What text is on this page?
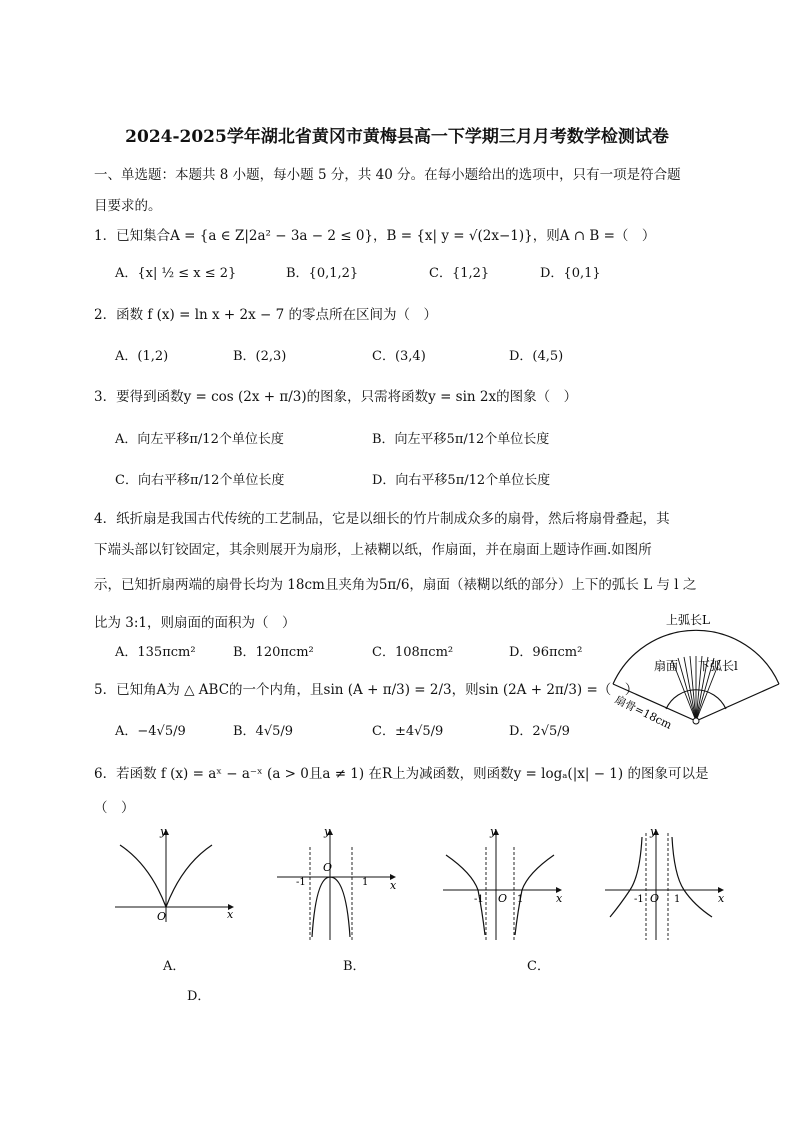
2024-2025学年湖北省黄冈市黄梅县高一下学期三月月考数学检测试卷
一、单选题：本题共 8 小题，每小题 5 分，共 40 分。在每小题给出的选项中，只有一项是符合题
目要求的。
1．已知集合A = {a ∈ Z|2a² − 3a − 2 ≤ 0}，B = {x| y = √(2x−1)}，则A ∩ B =（　）
A．{x| ½ ≤ x ≤ 2}	B．{0,1,2}	C．{1,2}	D．{0,1}
2．函数 f (x) = ln x + 2x − 7 的零点所在区间为（　）
A．(1,2)	B．(2,3)	C．(3,4)	D．(4,5)
3．要得到函数y = cos (2x + π/3)的图象，只需将函数y = sin 2x的图象（　）
A．向左平移π/12个单位长度	B．向左平移5π/12个单位长度
C．向右平移π/12个单位长度	D．向右平移5π/12个单位长度
4．纸折扇是我国古代传统的工艺制品，它是以细长的竹片制成众多的扇骨，然后将扇骨叠起，其
下端头部以钉铰固定，其余则展开为扇形，上裱糊以纸，作扇面，并在扇面上题诗作画.如图所
示，已知折扇两端的扇骨长均为 18cm且夹角为5π/6，扇面（裱糊以纸的部分）上下的弧长 L 与 l 之
比为 3:1，则扇面的面积为（　）
A．135πcm²	B．120πcm²	C．108πcm²	D．96πcm²
上弧长L
扇面 下弧长l
扇骨=18cm
5．已知角A为 △ ABC的一个内角，且sin (A + π/3) = 2/3，则sin (2A + 2π/3) =（　）
A．−4√5/9	B．4√5/9	C．±4√5/9	D．2√5/9
6．若函数 f (x) = aˣ − a⁻ˣ (a > 0且a ≠ 1) 在R上为减函数，则函数y = logₐ(|x| − 1) 的图象可以是
（　）
y
x
O
y
x
O
-1	1
y
x
O
-1	1
y
x
O
-1	1
A．	B．	C．
D．
